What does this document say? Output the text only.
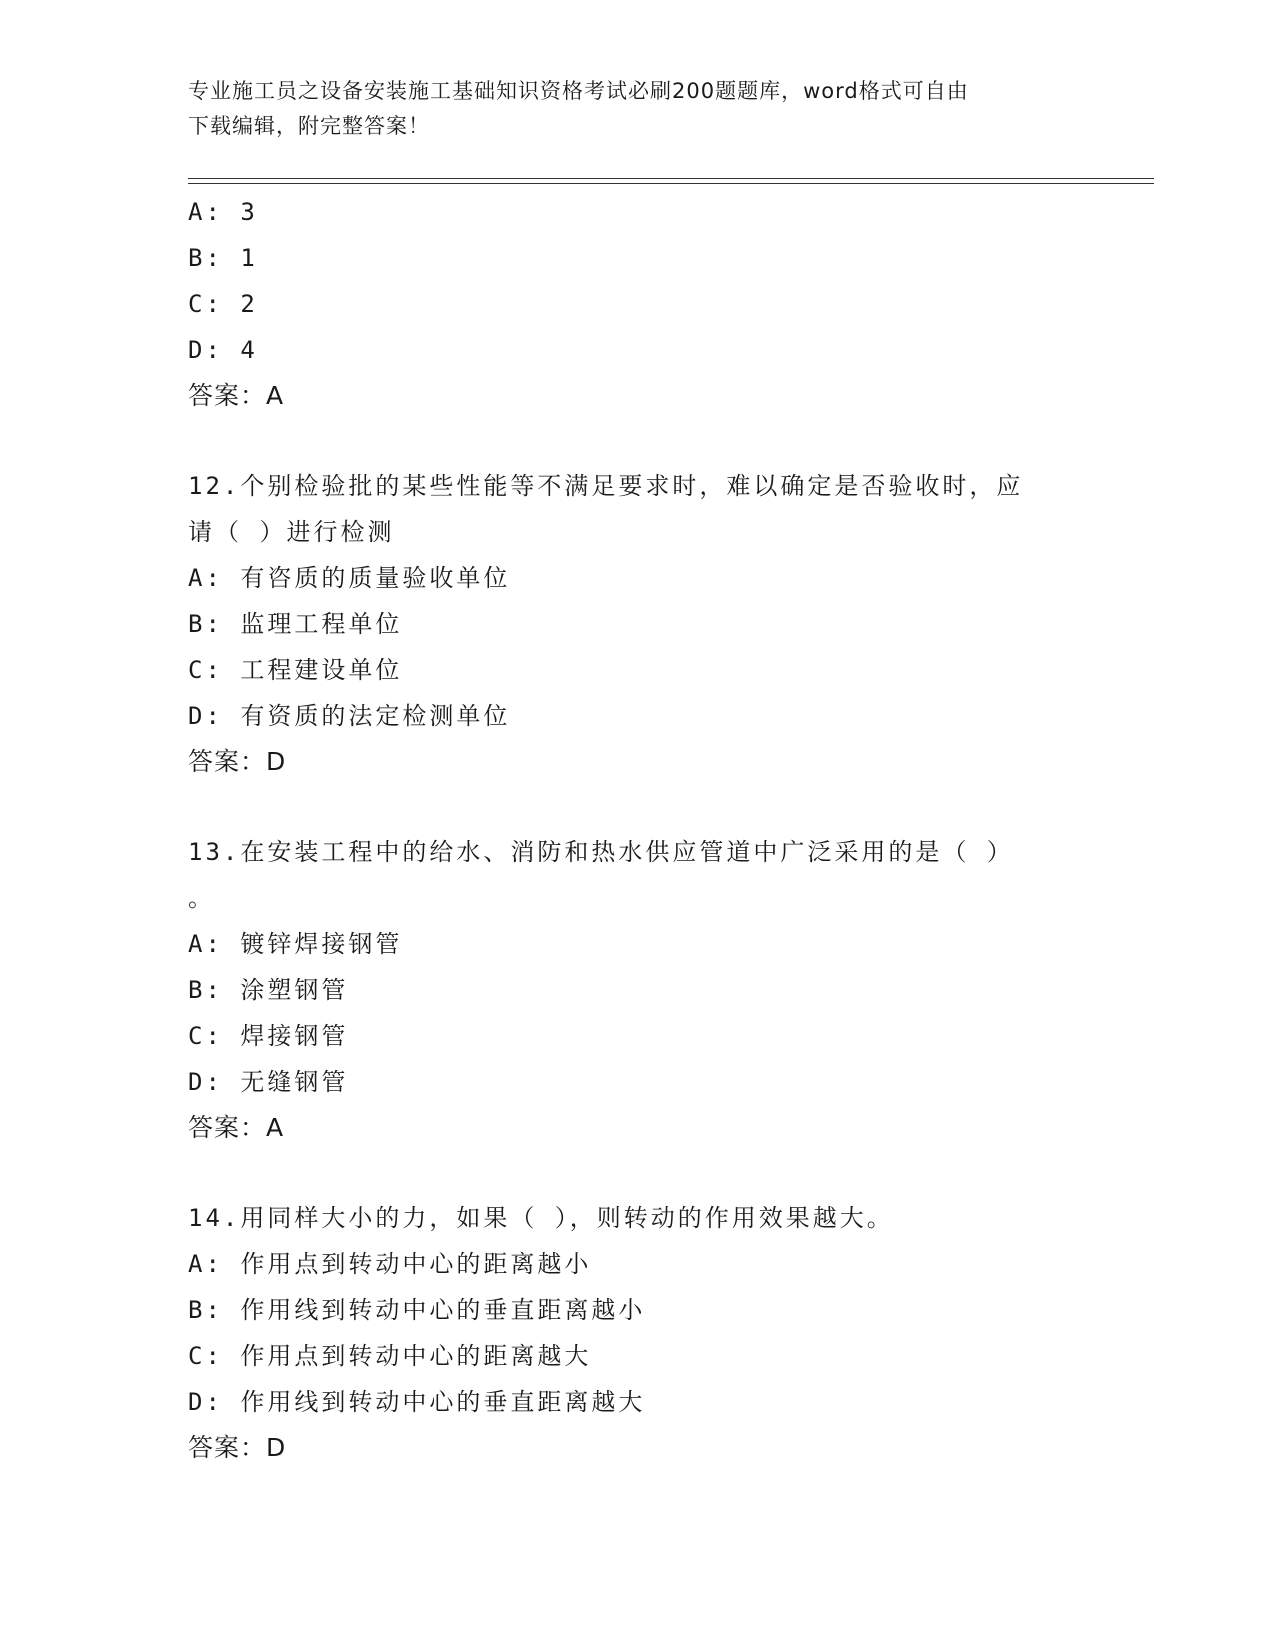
专业施工员之设备安装施工基础知识资格考试必刷200题题库，word格式可自由
下载编辑，附完整答案！
A: 3
B: 1
C: 2
D: 4
答案：A
12.个别检验批的某些性能等不满足要求时，难以确定是否验收时，应
请（ ）进行检测
A: 有咨质的质量验收单位
B: 监理工程单位
C: 工程建设单位
D: 有资质的法定检测单位
答案：D
13.在安装工程中的给水、消防和热水供应管道中广泛采用的是（ ）
。
A: 镀锌焊接钢管
B: 涂塑钢管
C: 焊接钢管
D: 无缝钢管
答案：A
14.用同样大小的力，如果（ ），则转动的作用效果越大。
A: 作用点到转动中心的距离越小
B: 作用线到转动中心的垂直距离越小
C: 作用点到转动中心的距离越大
D: 作用线到转动中心的垂直距离越大
答案：D
